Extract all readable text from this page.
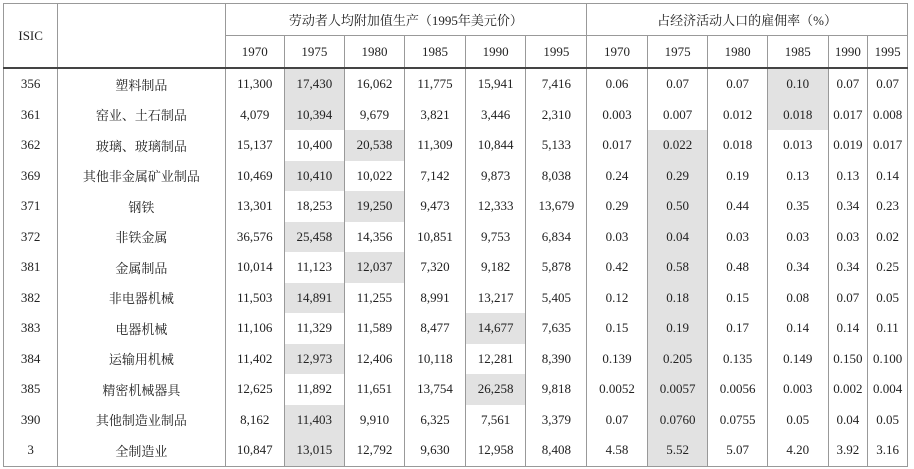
ISIC		劳动者人均附加值生产（1995年美元价）						占经济活动人口的雇佣率（%）					
		1970	1975	1980	1985	1990	1995	1970	1975	1980	1985	1990	1995
356	塑料制品	11,300	17,430	16,062	11,775	15,941	7,416	0.06	0.07	0.07	0.10	0.07	0.07
361	窑业、土石制品	4,079	10,394	9,679	3,821	3,446	2,310	0.003	0.007	0.012	0.018	0.017	0.008
362	玻璃、玻璃制品	15,137	10,400	20,538	11,309	10,844	5,133	0.017	0.022	0.018	0.013	0.019	0.017
369	其他非金属矿业制品	10,469	10,410	10,022	7,142	9,873	8,038	0.24	0.29	0.19	0.13	0.13	0.14
371	钢铁	13,301	18,253	19,250	9,473	12,333	13,679	0.29	0.50	0.44	0.35	0.34	0.23
372	非铁金属	36,576	25,458	14,356	10,851	9,753	6,834	0.03	0.04	0.03	0.03	0.03	0.02
381	金属制品	10,014	11,123	12,037	7,320	9,182	5,878	0.42	0.58	0.48	0.34	0.34	0.25
382	非电器机械	11,503	14,891	11,255	8,991	13,217	5,405	0.12	0.18	0.15	0.08	0.07	0.05
383	电器机械	11,106	11,329	11,589	8,477	14,677	7,635	0.15	0.19	0.17	0.14	0.14	0.11
384	运输用机械	11,402	12,973	12,406	10,118	12,281	8,390	0.139	0.205	0.135	0.149	0.150	0.100
385	精密机械器具	12,625	11,892	11,651	13,754	26,258	9,818	0.0052	0.0057	0.0056	0.003	0.002	0.004
390	其他制造业制品	8,162	11,403	9,910	6,325	7,561	3,379	0.07	0.0760	0.0755	0.05	0.04	0.05
3	全制造业	10,847	13,015	12,792	9,630	12,958	8,408	4.58	5.52	5.07	4.20	3.92	3.16
